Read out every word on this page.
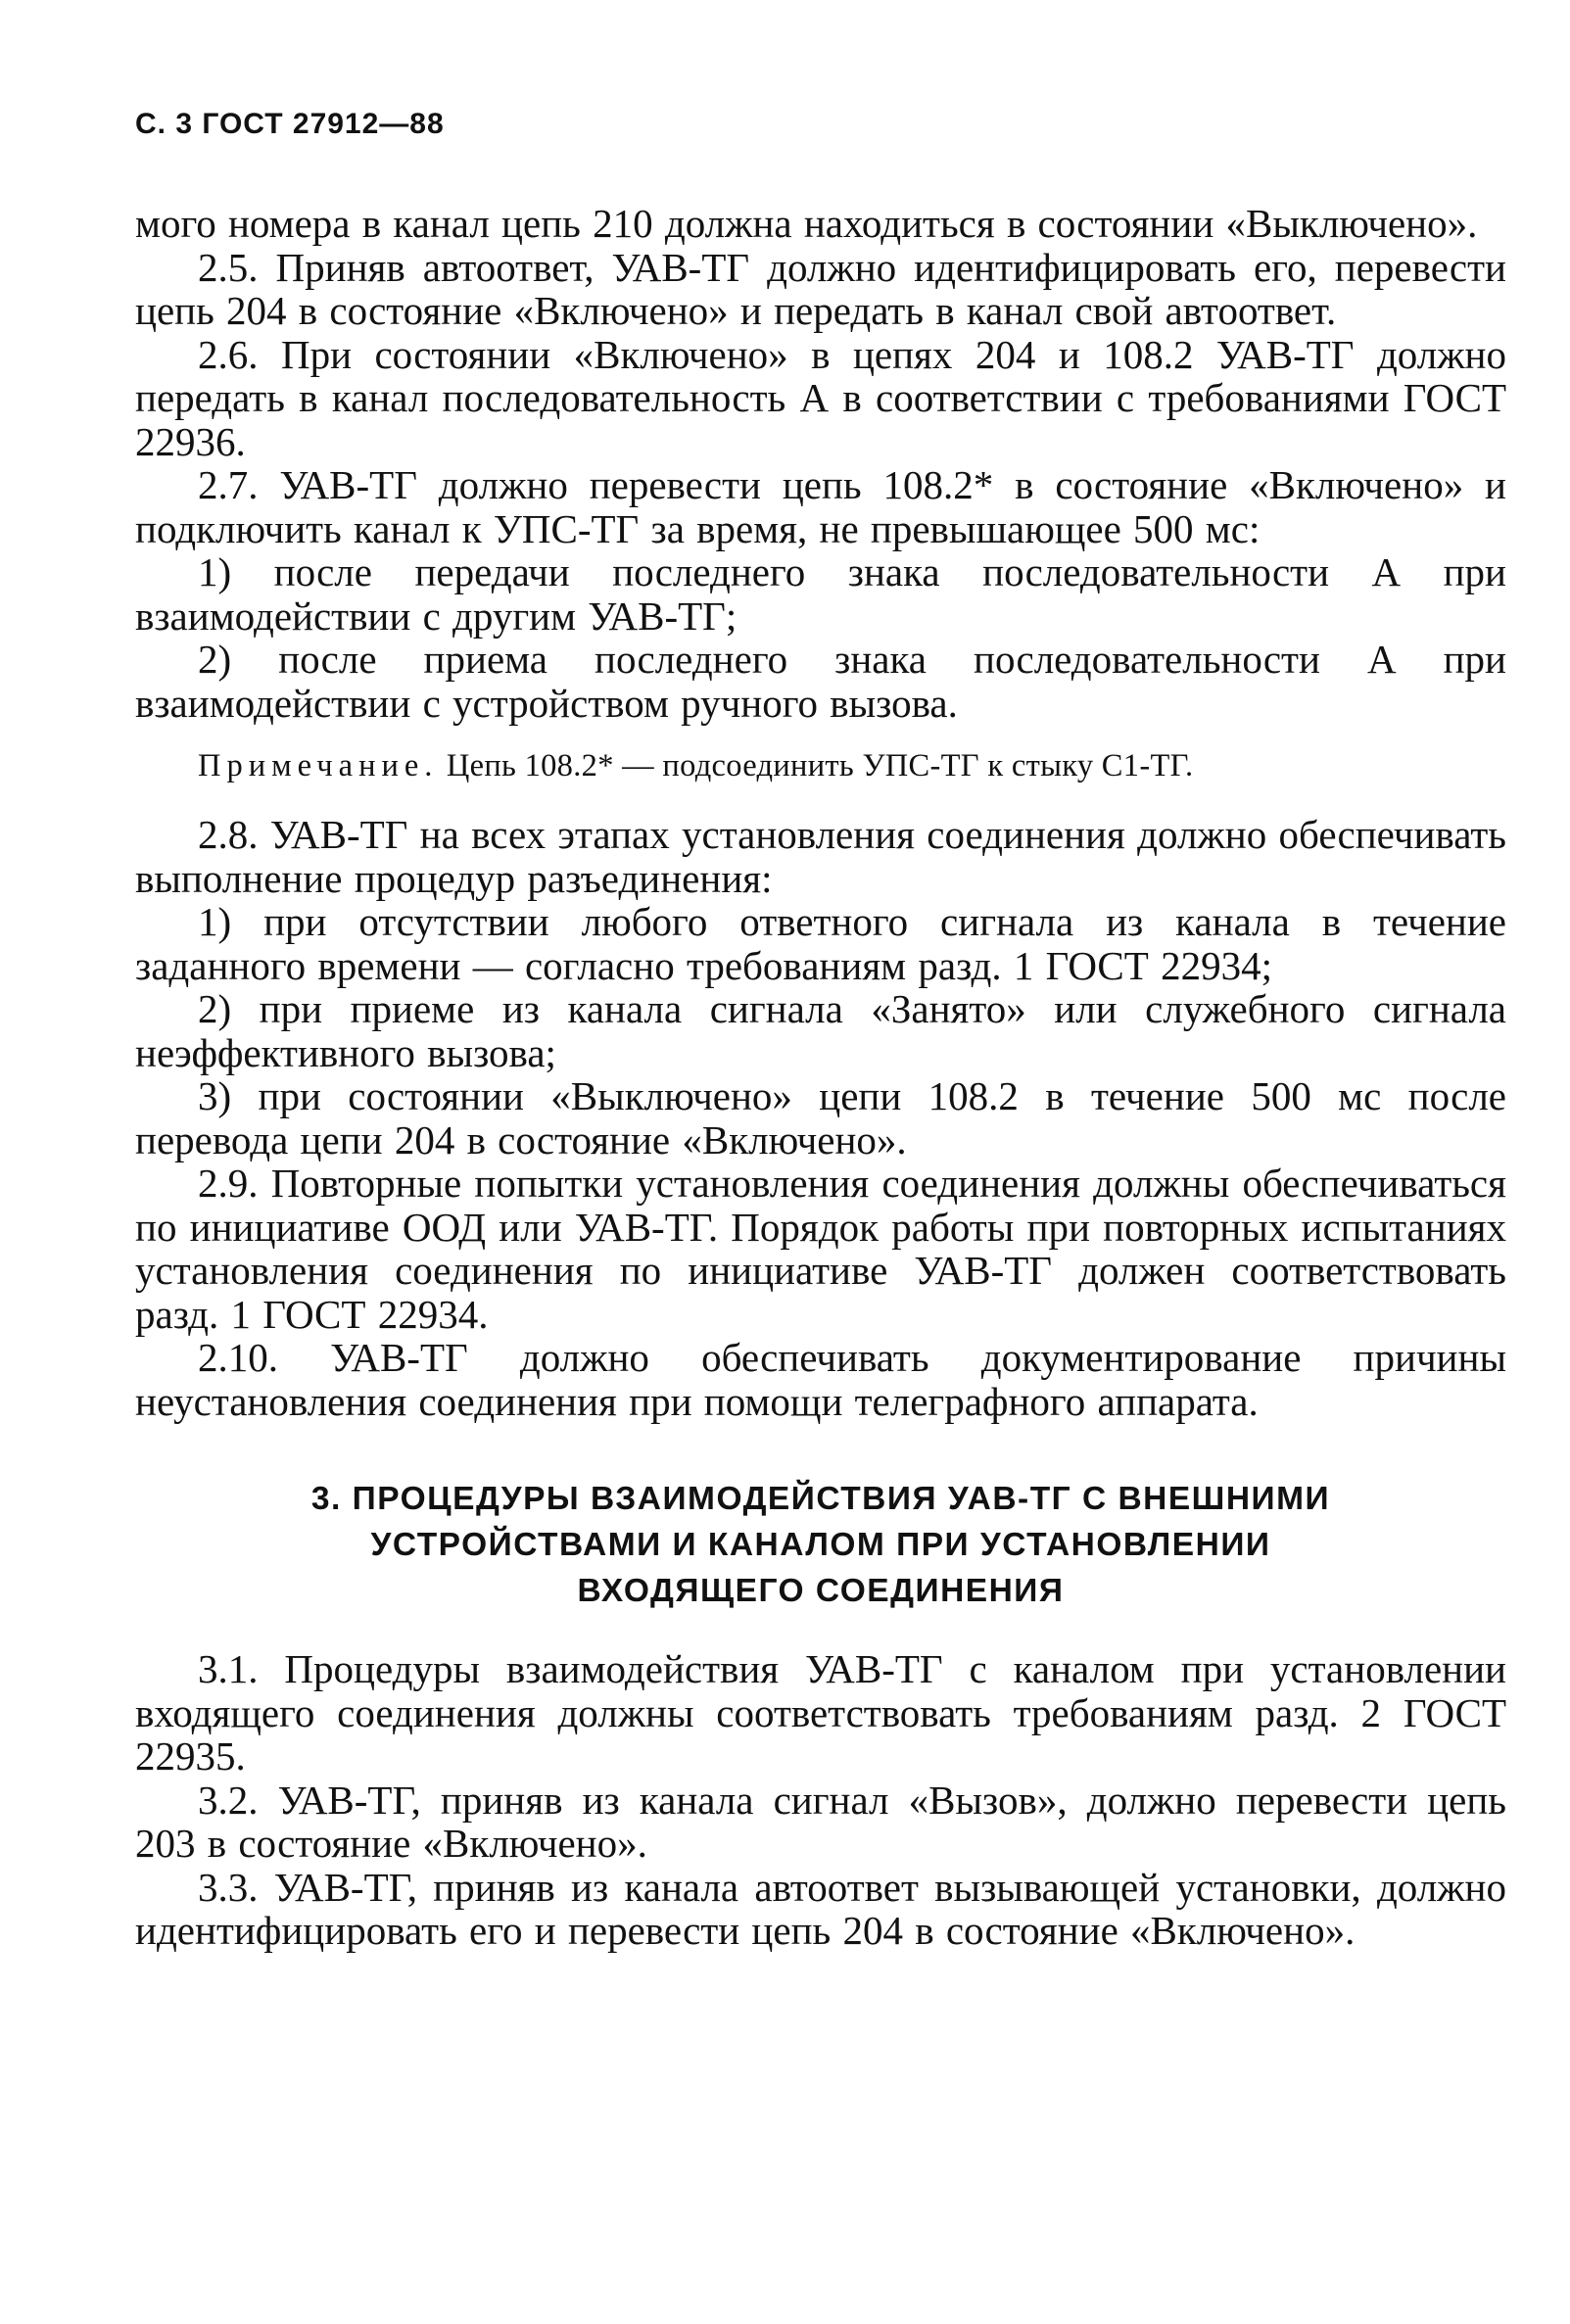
С. 3 ГОСТ 27912—88

мого номера в канал цепь 210 должна находиться в состоянии «Выключено».

2.5. Приняв автоответ, УАВ-ТГ должно идентифицировать его, перевести цепь 204 в состояние «Включено» и передать в канал свой автоответ.

2.6. При состоянии «Включено» в цепях 204 и 108.2 УАВ-ТГ должно передать в канал последовательность А в соответствии с требованиями ГОСТ 22936.

2.7. УАВ-ТГ должно перевести цепь 108.2* в состояние «Включено» и подключить канал к УПС-ТГ за время, не превышающее 500 мс:

1) после передачи последнего знака последовательности А при взаимодействии с другим УАВ-ТГ;

2) после приема последнего знака последовательности А при взаимодействии с устройством ручного вызова.

Примечание. Цепь 108.2* — подсоединить УПС-ТГ к стыку С1-ТГ.

2.8. УАВ-ТГ на всех этапах установления соединения должно обеспечивать выполнение процедур разъединения:

1) при отсутствии любого ответного сигнала из канала в течение заданного времени — согласно требованиям разд. 1 ГОСТ 22934;

2) при приеме из канала сигнала «Занято» или служебного сигнала неэффективного вызова;

3) при состоянии «Выключено» цепи 108.2 в течение 500 мс после перевода цепи 204 в состояние «Включено».

2.9. Повторные попытки установления соединения должны обеспечиваться по инициативе ООД или УАВ-ТГ. Порядок работы при повторных испытаниях установления соединения по инициативе УАВ-ТГ должен соответствовать разд. 1 ГОСТ 22934.

2.10. УАВ-ТГ должно обеспечивать документирование причины неустановления соединения при помощи телеграфного аппарата.

3. ПРОЦЕДУРЫ ВЗАИМОДЕЙСТВИЯ УАВ-ТГ С ВНЕШНИМИ
УСТРОЙСТВАМИ И КАНАЛОМ ПРИ УСТАНОВЛЕНИИ
ВХОДЯЩЕГО СОЕДИНЕНИЯ

3.1. Процедуры взаимодействия УАВ-ТГ с каналом при установлении входящего соединения должны соответствовать требованиям разд. 2 ГОСТ 22935.

3.2. УАВ-ТГ, приняв из канала сигнал «Вызов», должно перевести цепь 203 в состояние «Включено».

3.3. УАВ-ТГ, приняв из канала автоответ вызывающей установки, должно идентифицировать его и перевести цепь 204 в состояние «Включено».
